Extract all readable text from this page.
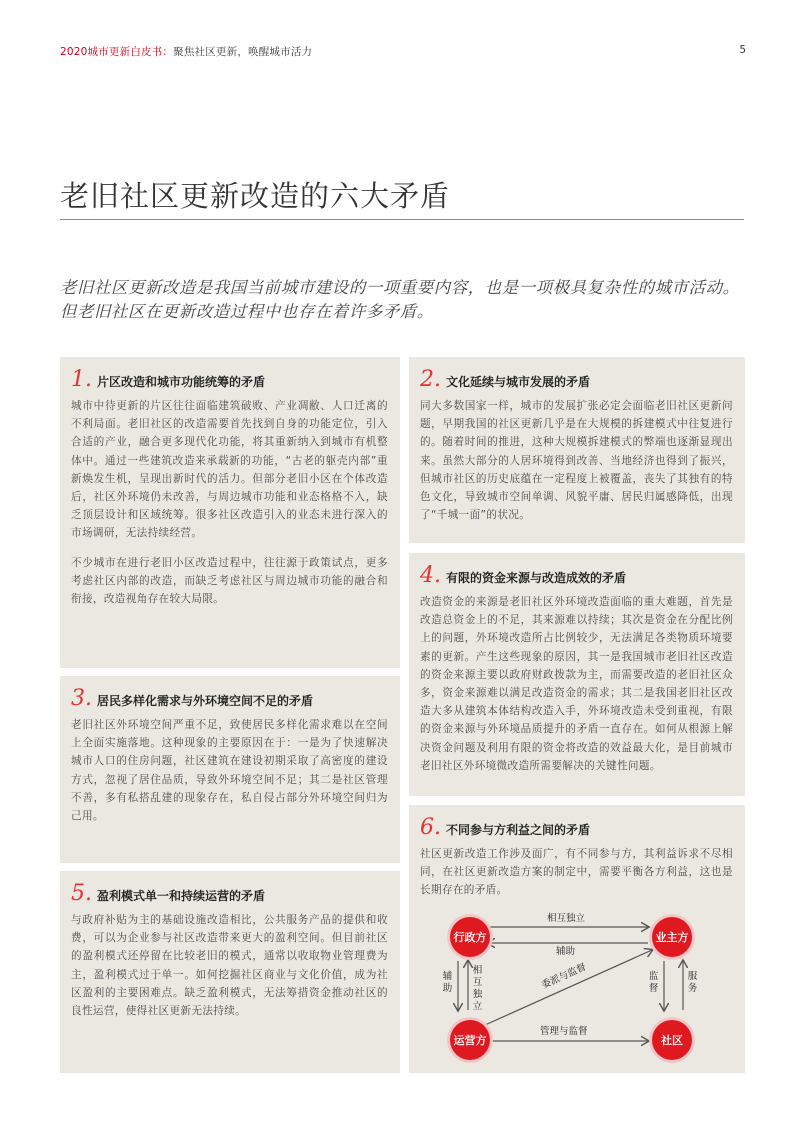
2020城市更新白皮书：聚焦社区更新，唤醒城市活力	5
老旧社区更新改造的六大矛盾
老旧社区更新改造是我国当前城市建设的一项重要内容，也是一项极具复杂性的城市活动。但老旧社区在更新改造过程中也存在着许多矛盾。
1. 片区改造和城市功能统筹的矛盾

城市中待更新的片区往往面临建筑破败、产业凋敝、人口迁离的不利局面。老旧社区的改造需要首先找到自身的功能定位，引入合适的产业，融合更多现代化功能，将其重新纳入到城市有机整体中。通过一些建筑改造来承载新的功能，“古老的躯壳内部”重新焕发生机，呈现出新时代的活力。但部分老旧小区在个体改造后，社区外环境仍未改善，与周边城市功能和业态格格不入，缺乏顶层设计和区域统筹。很多社区改造引入的业态未进行深入的市场调研，无法持续经营。

不少城市在进行老旧小区改造过程中，往往源于政策试点，更多考虑社区内部的改造，而缺乏考虑社区与周边城市功能的融合和衔接，改造视角存在较大局限。

2. 文化延续与城市发展的矛盾

同大多数国家一样，城市的发展扩张必定会面临老旧社区更新问题，早期我国的社区更新几乎是在大规模的拆建模式中往复进行的。随着时间的推进，这种大规模拆建模式的弊端也逐渐显现出来。虽然大部分的人居环境得到改善、当地经济也得到了振兴，但城市社区的历史底蕴在一定程度上被覆盖，丧失了其独有的特色文化，导致城市空间单调、风貌平庸、居民归属感降低，出现了“千城一面”的状况。

3. 居民多样化需求与外环境空间不足的矛盾

老旧社区外环境空间严重不足，致使居民多样化需求难以在空间上全面实施落地。这种现象的主要原因在于：一是为了快速解决城市人口的住房问题，社区建筑在建设初期采取了高密度的建设方式，忽视了居住品质，导致外环境空间不足；其二是社区管理不善，多有私搭乱建的现象存在，私自侵占部分外环境空间归为己用。

4. 有限的资金来源与改造成效的矛盾

改造资金的来源是老旧社区外环境改造面临的重大难题，首先是改造总资金上的不足，其来源难以持续；其次是资金在分配比例上的问题，外环境改造所占比例较少，无法满足各类物质环境要素的更新。产生这些现象的原因，其一是我国城市老旧社区改造的资金来源主要以政府财政拨款为主，而需要改造的老旧社区众多，资金来源难以满足改造资金的需求；其二是我国老旧社区改造大多从建筑本体结构改造入手，外环境改造未受到重视，有限的资金来源与外环境品质提升的矛盾一直存在。如何从根源上解决资金问题及利用有限的资金将改造的效益最大化，是目前城市老旧社区外环境微改造所需要解决的关键性问题。

5. 盈利模式单一和持续运营的矛盾

与政府补贴为主的基础设施改造相比，公共服务产品的提供和收费，可以为企业参与社区改造带来更大的盈利空间。但目前社区的盈利模式还停留在比较老旧的模式，通常以收取物业管理费为主，盈利模式过于单一。如何挖掘社区商业与文化价值，成为社区盈利的主要困难点。缺乏盈利模式，无法筹措资金推动社区的良性运营，使得社区更新无法持续。

6. 不同参与方利益之间的矛盾

社区更新改造工作涉及面广，有不同参与方，其利益诉求不尽相同，在社区更新改造方案的制定中，需要平衡各方利益，这也是长期存在的矛盾。

行政方	业主方
运营方	社区
相互独立
辅助
辅助
相互独立
监督
服务
委派与监督
管理与监督
